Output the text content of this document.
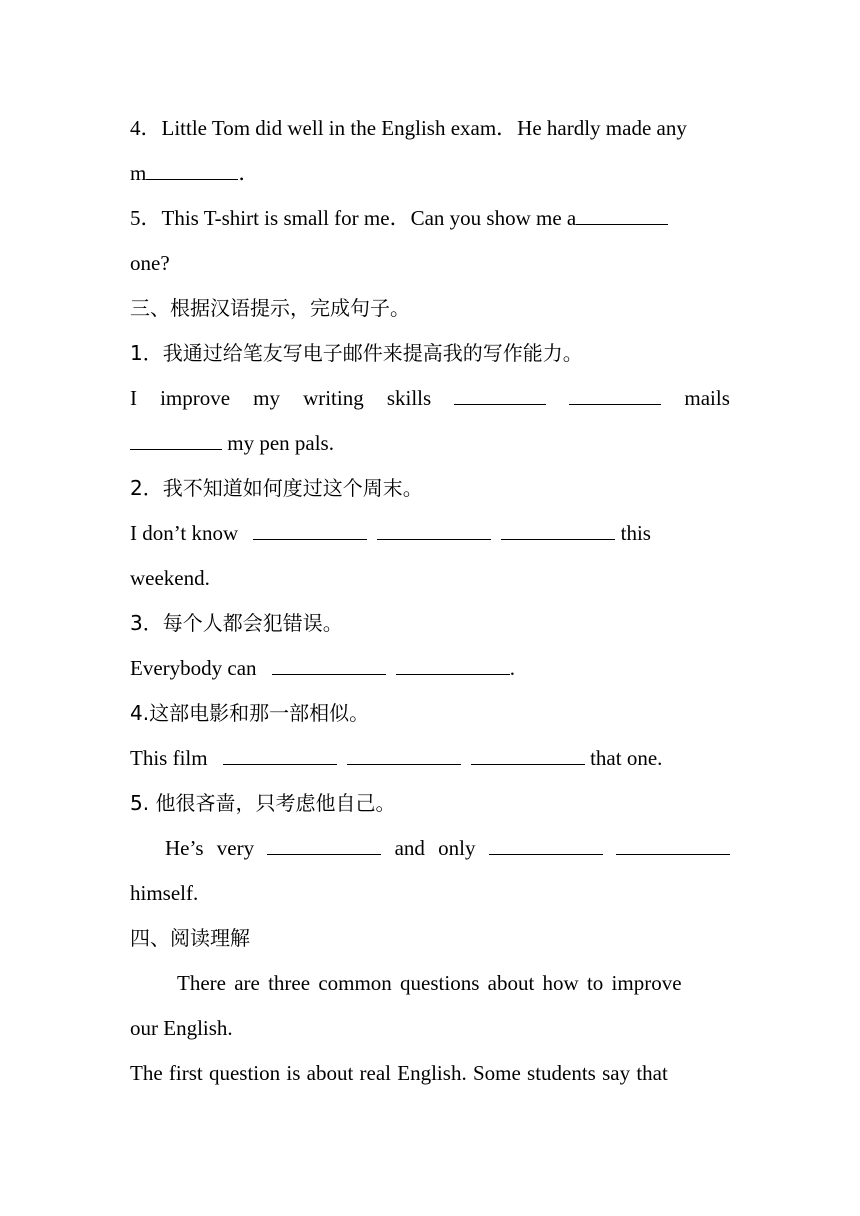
4．Little Tom did well in the English exam．He hardly made any
m	．
5．This T-shirt is small for me．Can you show me a
one?
三、根据汉语提示，完成句子。
1．我通过给笔友写电子邮件来提高我的写作能力。
I improve my writing skills	mails
my pen pals.
2．我不知道如何度过这个周末。
I don’t know	this
weekend.
3．每个人都会犯错误。
Everybody can	.
4.这部电影和那一部相似。
This film	that one.
5. 他很吝啬，只考虑他自己。
He’s very	and only
himself.
四、阅读理解
There are three common questions about how to improve
our English.
The first question is about real English. Some students say that
